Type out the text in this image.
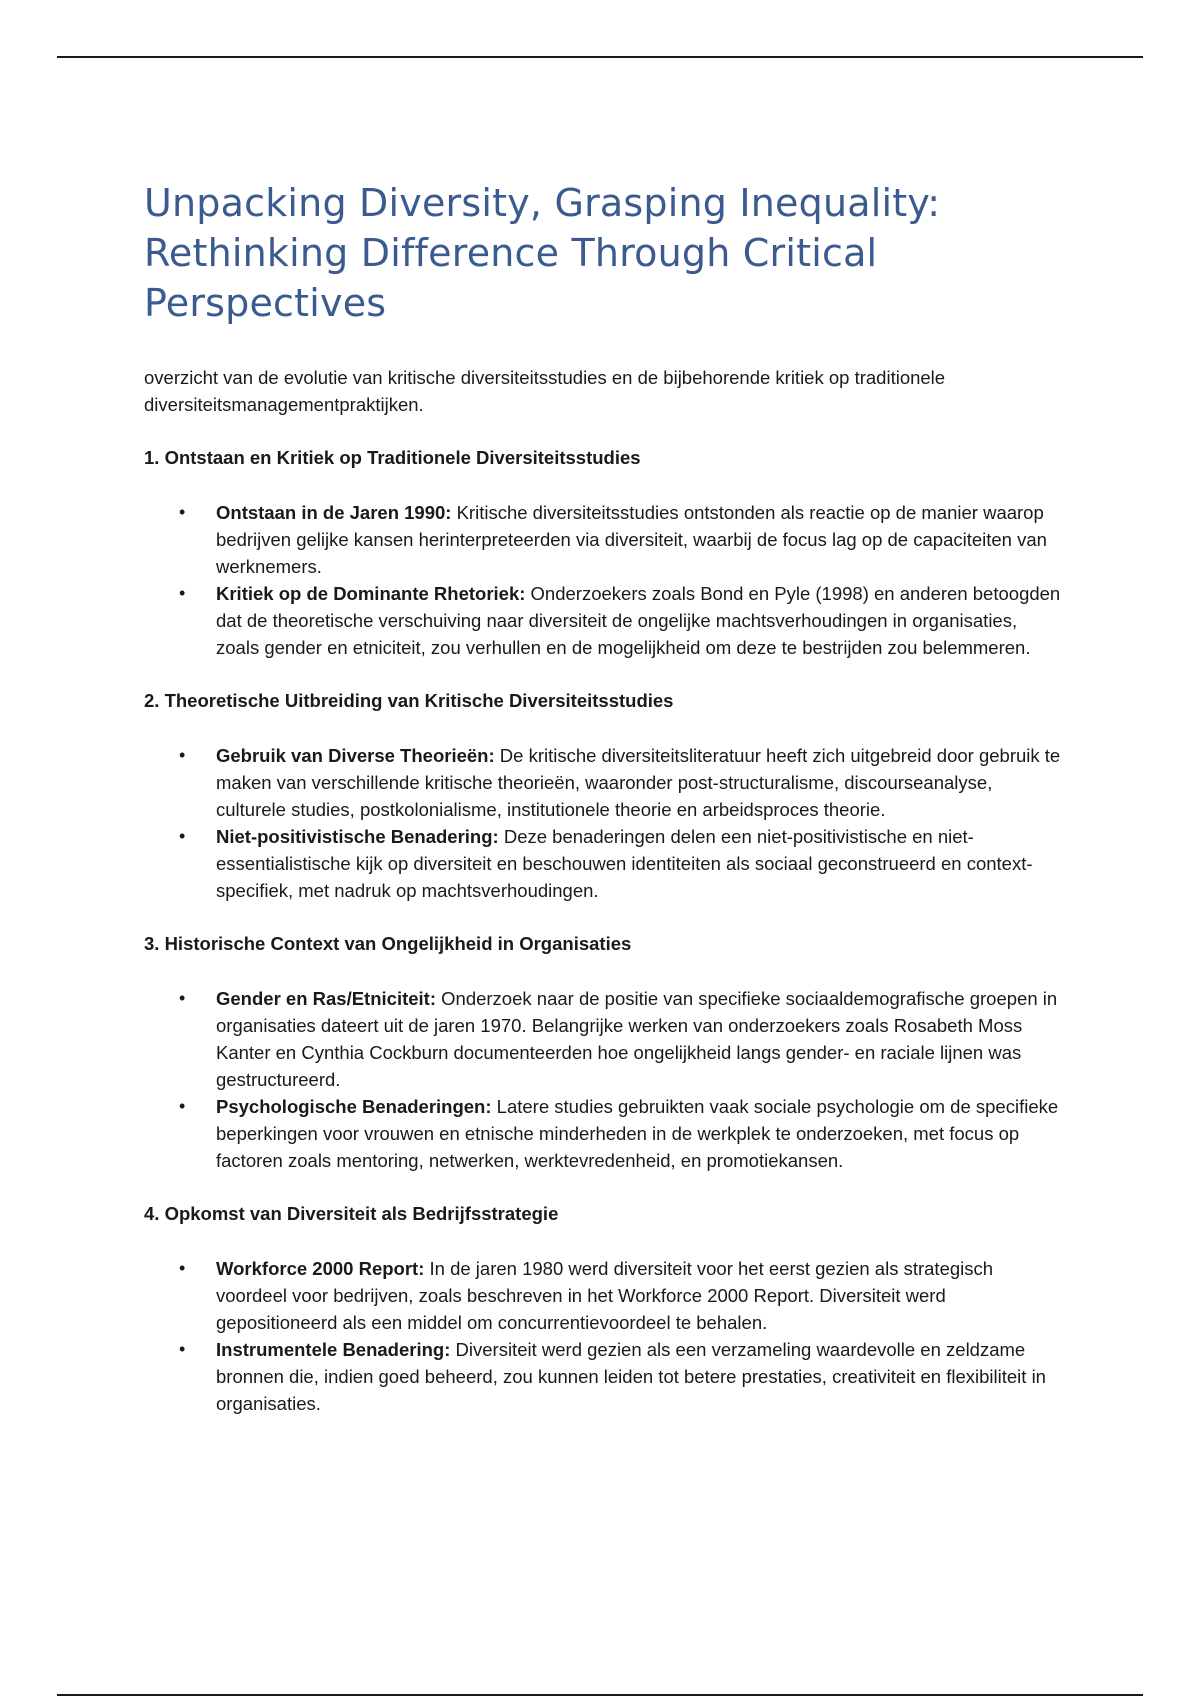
Unpacking Diversity, Grasping Inequality: Rethinking Difference Through Critical Perspectives

overzicht van de evolutie van kritische diversiteitsstudies en de bijbehorende kritiek op traditionele diversiteitsmanagementpraktijken.

1. Ontstaan en Kritiek op Traditionele Diversiteitsstudies

• Ontstaan in de Jaren 1990: Kritische diversiteitsstudies ontstonden als reactie op de manier waarop bedrijven gelijke kansen herinterpreteerden via diversiteit, waarbij de focus lag op de capaciteiten van werknemers.
• Kritiek op de Dominante Rhetoriek: Onderzoekers zoals Bond en Pyle (1998) en anderen betoogden dat de theoretische verschuiving naar diversiteit de ongelijke machtsverhoudingen in organisaties, zoals gender en etniciteit, zou verhullen en de mogelijkheid om deze te bestrijden zou belemmeren.

2. Theoretische Uitbreiding van Kritische Diversiteitsstudies

• Gebruik van Diverse Theorieën: De kritische diversiteitsliteratuur heeft zich uitgebreid door gebruik te maken van verschillende kritische theorieën, waaronder post-structuralisme, discourseanalyse, culturele studies, postkolonialisme, institutionele theorie en arbeidsproces theorie.
• Niet-positivistische Benadering: Deze benaderingen delen een niet-positivistische en niet-essentialistische kijk op diversiteit en beschouwen identiteiten als sociaal geconstrueerd en context-specifiek, met nadruk op machtsverhoudingen.

3. Historische Context van Ongelijkheid in Organisaties

• Gender en Ras/Etniciteit: Onderzoek naar de positie van specifieke sociaaldemografische groepen in organisaties dateert uit de jaren 1970. Belangrijke werken van onderzoekers zoals Rosabeth Moss Kanter en Cynthia Cockburn documenteerden hoe ongelijkheid langs gender- en raciale lijnen was gestructureerd.
• Psychologische Benaderingen: Latere studies gebruikten vaak sociale psychologie om de specifieke beperkingen voor vrouwen en etnische minderheden in de werkplek te onderzoeken, met focus op factoren zoals mentoring, netwerken, werktevredenheid, en promotiekansen.

4. Opkomst van Diversiteit als Bedrijfsstrategie

• Workforce 2000 Report: In de jaren 1980 werd diversiteit voor het eerst gezien als strategisch voordeel voor bedrijven, zoals beschreven in het Workforce 2000 Report. Diversiteit werd gepositioneerd als een middel om concurrentievoordeel te behalen.
• Instrumentele Benadering: Diversiteit werd gezien als een verzameling waardevolle en zeldzame bronnen die, indien goed beheerd, zou kunnen leiden tot betere prestaties, creativiteit en flexibiliteit in organisaties.
